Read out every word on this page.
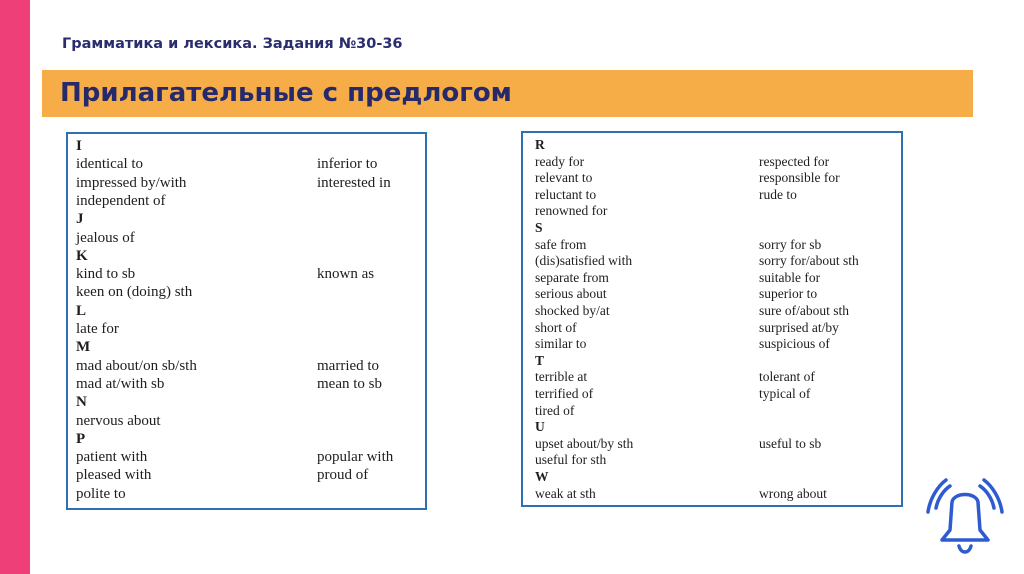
Грамматика и лексика. Задания №30-36
Прилагательные с предлогом
I
identical to	inferior to
impressed by/with	interested in
independent of
J
jealous of
K
kind to sb	known as
keen on (doing) sth
L
late for
M
mad about/on sb/sth	married to
mad at/with sb	mean to sb
N
nervous about
P
patient with	popular with
pleased with	proud of
polite to
R
ready for	respected for
relevant to	responsible for
reluctant to	rude to
renowned for
S
safe from	sorry for sb
(dis)satisfied with	sorry for/about sth
separate from	suitable for
serious about	superior to
shocked by/at	sure of/about sth
short of	surprised at/by
similar to	suspicious of
T
terrible at	tolerant of
terrified of	typical of
tired of
U
upset about/by sth	useful to sb
useful for sth
W
weak at sth	wrong about
